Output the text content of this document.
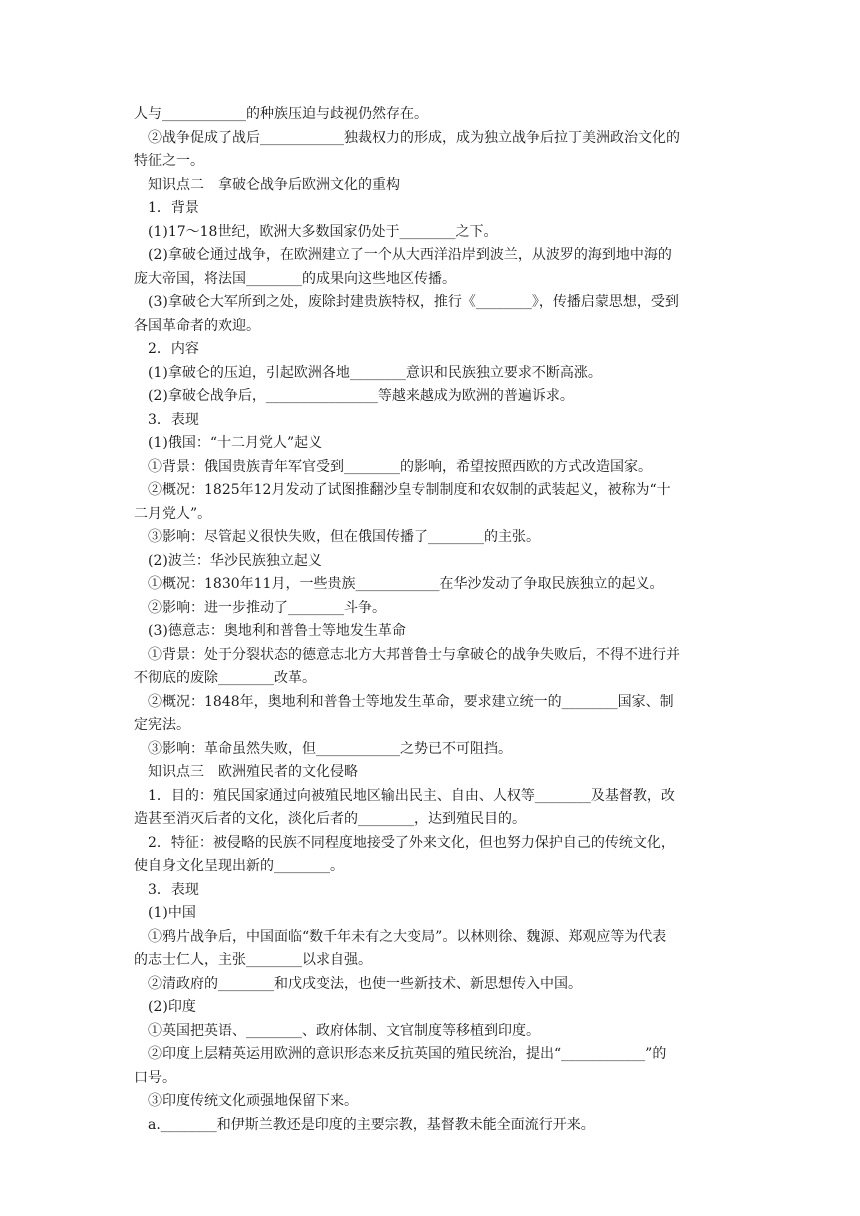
人与____________的种族压迫与歧视仍然存在。
②战争促成了战后____________独裁权力的形成，成为独立战争后拉丁美洲政治文化的
特征之一。
知识点二　拿破仑战争后欧洲文化的重构
1．背景
(1)17～18世纪，欧洲大多数国家仍处于________之下。
(2)拿破仑通过战争，在欧洲建立了一个从大西洋沿岸到波兰，从波罗的海到地中海的
庞大帝国，将法国________的成果向这些地区传播。
(3)拿破仑大军所到之处，废除封建贵族特权，推行《________》，传播启蒙思想，受到
各国革命者的欢迎。
2．内容
(1)拿破仑的压迫，引起欧洲各地________意识和民族独立要求不断高涨。
(2)拿破仑战争后，________________等越来越成为欧洲的普遍诉求。
3．表现
(1)俄国：“十二月党人”起义
①背景：俄国贵族青年军官受到________的影响，希望按照西欧的方式改造国家。
②概况：1825年12月发动了试图推翻沙皇专制制度和农奴制的武装起义，被称为“十
二月党人”。
③影响：尽管起义很快失败，但在俄国传播了________的主张。
(2)波兰：华沙民族独立起义
①概况：1830年11月，一些贵族____________在华沙发动了争取民族独立的起义。
②影响：进一步推动了________斗争。
(3)德意志：奥地利和普鲁士等地发生革命
①背景：处于分裂状态的德意志北方大邦普鲁士与拿破仑的战争失败后，不得不进行并
不彻底的废除________改革。
②概况：1848年，奥地利和普鲁士等地发生革命，要求建立统一的________国家、制
定宪法。
③影响：革命虽然失败，但____________之势已不可阻挡。
知识点三　欧洲殖民者的文化侵略
1．目的：殖民国家通过向被殖民地区输出民主、自由、人权等________及基督教，改
造甚至消灭后者的文化，淡化后者的________，达到殖民目的。
2．特征：被侵略的民族不同程度地接受了外来文化，但也努力保护自己的传统文化，
使自身文化呈现出新的________。
3．表现
(1)中国
①鸦片战争后，中国面临“数千年未有之大变局”。以林则徐、魏源、郑观应等为代表
的志士仁人，主张________以求自强。
②清政府的________和戊戌变法，也使一些新技术、新思想传入中国。
(2)印度
①英国把英语、________、政府体制、文官制度等移植到印度。
②印度上层精英运用欧洲的意识形态来反抗英国的殖民统治，提出“____________”的
口号。
③印度传统文化顽强地保留下来。
a.________和伊斯兰教还是印度的主要宗教，基督教未能全面流行开来。
